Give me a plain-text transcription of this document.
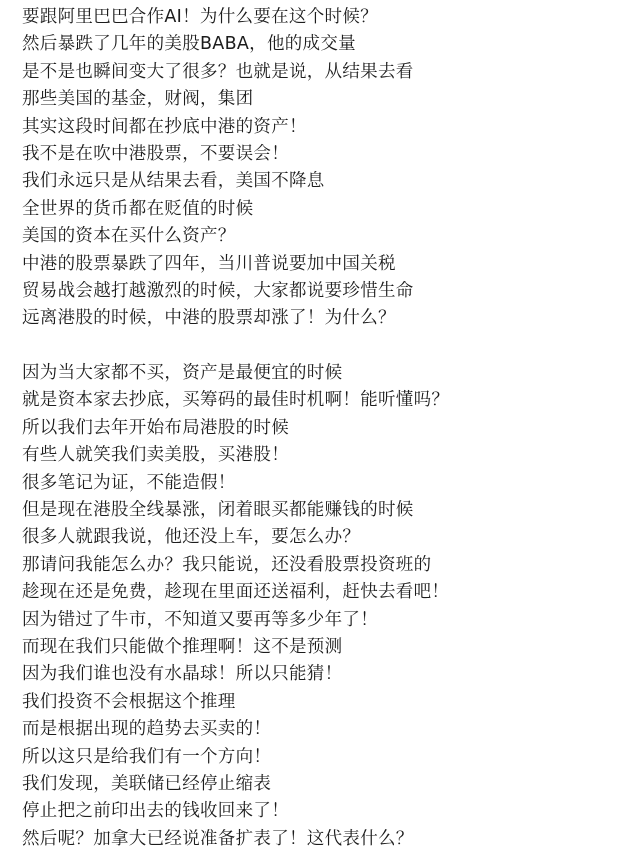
要跟阿里巴巴合作AI！为什么要在这个时候？
然后暴跌了几年的美股BABA，他的成交量
是不是也瞬间变大了很多？也就是说，从结果去看
那些美国的基金，财阀，集团
其实这段时间都在抄底中港的资产！
我不是在吹中港股票，不要误会！
我们永远只是从结果去看，美国不降息
全世界的货币都在贬值的时候
美国的资本在买什么资产？
中港的股票暴跌了四年，当川普说要加中国关税
贸易战会越打越激烈的时候，大家都说要珍惜生命
远离港股的时候，中港的股票却涨了！为什么？
因为当大家都不买，资产是最便宜的时候
就是资本家去抄底，买筹码的最佳时机啊！能听懂吗？
所以我们去年开始布局港股的时候
有些人就笑我们卖美股，买港股！
很多笔记为证，不能造假！
但是现在港股全线暴涨，闭着眼买都能赚钱的时候
很多人就跟我说，他还没上车，要怎么办？
那请问我能怎么办？我只能说，还没看股票投资班的
趁现在还是免费，趁现在里面还送福利，赶快去看吧！
因为错过了牛市，不知道又要再等多少年了！
而现在我们只能做个推理啊！这不是预测
因为我们谁也没有水晶球！所以只能猜！
我们投资不会根据这个推理
而是根据出现的趋势去买卖的！
所以这只是给我们有一个方向！
我们发现，美联储已经停止缩表
停止把之前印出去的钱收回来了！
然后呢？加拿大已经说准备扩表了！这代表什么？
